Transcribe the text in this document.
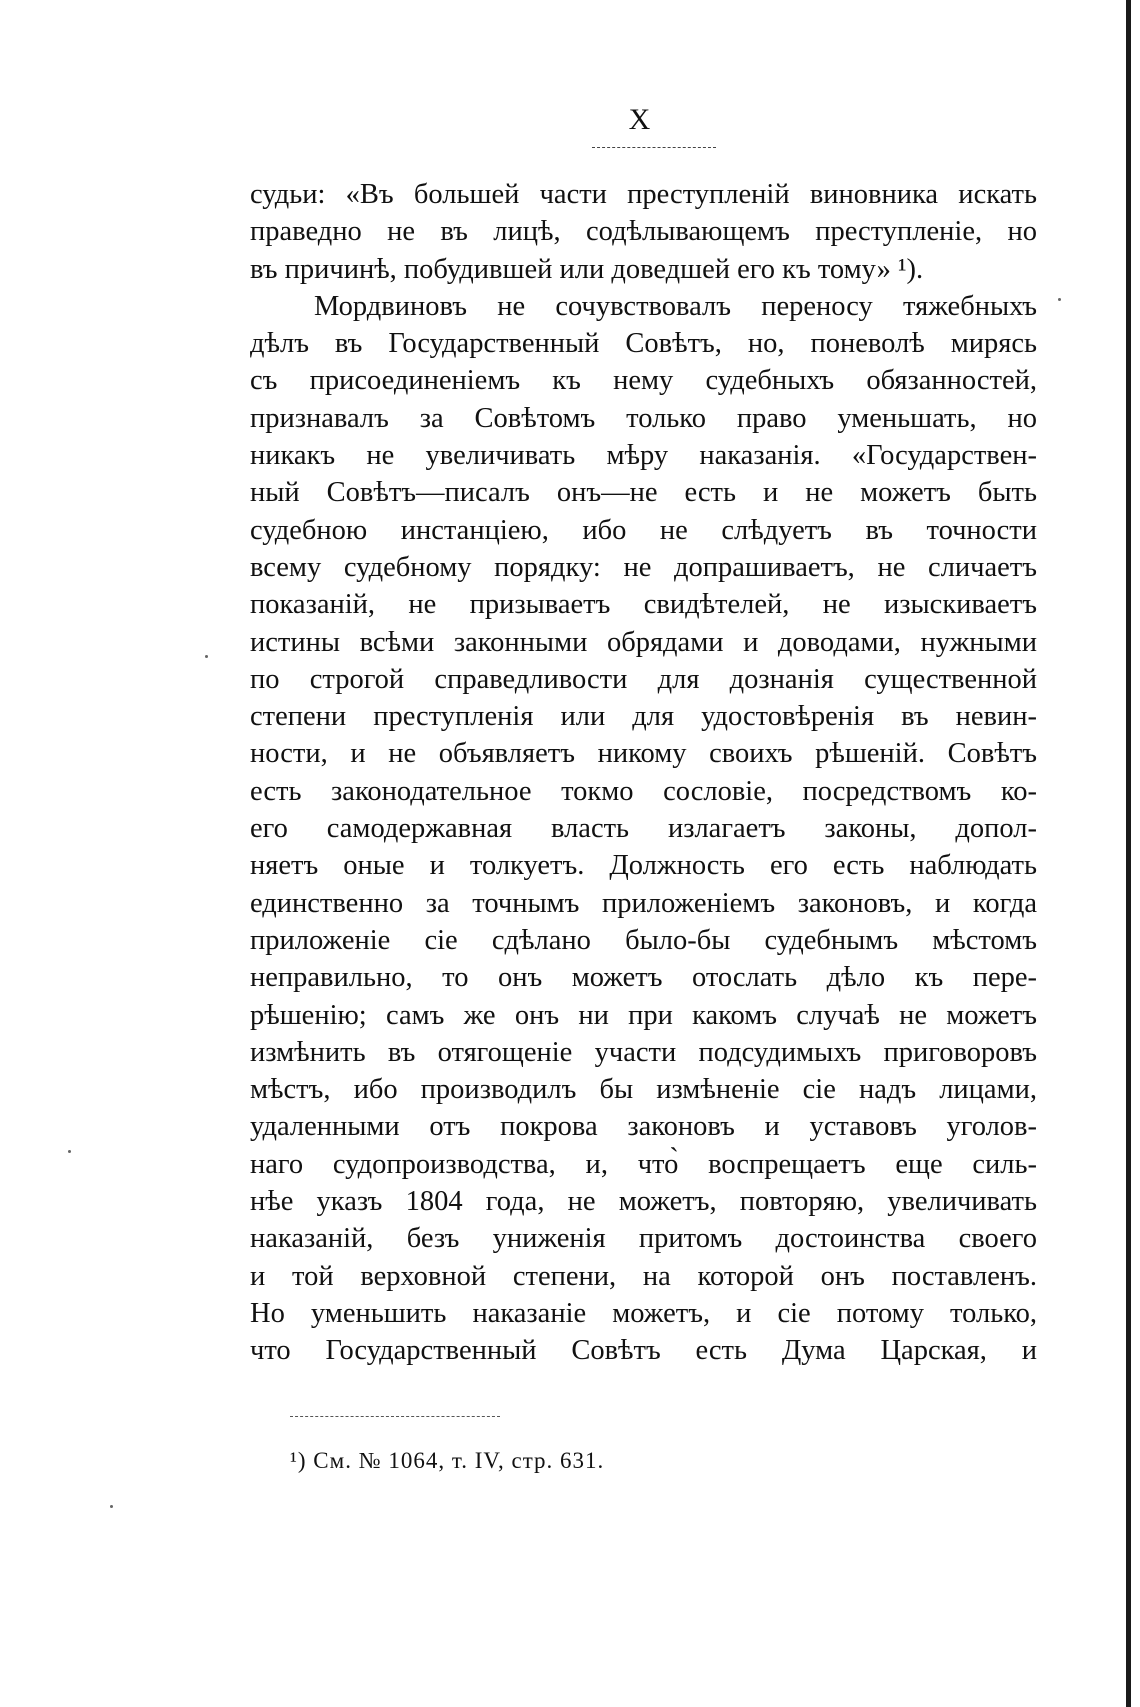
X
судьи: «Въ большей части преступленій виновника искать
праведно не въ лицѣ, содѣлывающемъ преступленіе, но
въ причинѣ, побудившей или доведшей его къ тому» ¹).
Мордвиновъ не сочувствовалъ переносу тяжебныхъ
дѣлъ въ Государственный Совѣтъ, но, поневолѣ мирясь
съ присоединеніемъ къ нему судебныхъ обязанностей,
признавалъ за Совѣтомъ только право уменьшать, но
никакъ не увеличивать мѣру наказанія. «Государствен-
ный Совѣтъ—писалъ онъ—не есть и не можетъ быть
судебною инстанціею, ибо не слѣдуетъ въ точности
всему судебному порядку: не допрашиваетъ, не сличаетъ
показаній, не призываетъ свидѣтелей, не изыскиваетъ
истины всѣми законными обрядами и доводами, нужными
по строгой справедливости для дознанія существенной
степени преступленія или для удостовѣренія въ невин-
ности, и не объявляетъ никому своихъ рѣшеній. Совѣтъ
есть законодательное токмо сословіе, посредствомъ ко-
его самодержавная власть излагаетъ законы, допол-
няетъ оные и толкуетъ. Должность его есть наблюдать
единственно за точнымъ приложеніемъ законовъ, и когда
приложеніе сіе сдѣлано было-бы судебнымъ мѣстомъ
неправильно, то онъ можетъ отослать дѣло къ пере-
рѣшенію; самъ же онъ ни при какомъ случаѣ не можетъ
измѣнить въ отягощеніе участи подсудимыхъ приговоровъ
мѣстъ, ибо производилъ бы измѣненіе сіе надъ лицами,
удаленными отъ покрова законовъ и уставовъ уголов-
наго судопроизводства, и, что̀ воспрещаетъ еще силь-
нѣе указъ 1804 года, не можетъ, повторяю, увеличивать
наказаній, безъ униженія притомъ достоинства своего
и той верховной степени, на которой онъ поставленъ.
Но уменьшить наказаніе можетъ, и сіе потому только,
что Государственный Совѣтъ есть Дума Царская, и
¹) См. № 1064, т. IV, стр. 631.
